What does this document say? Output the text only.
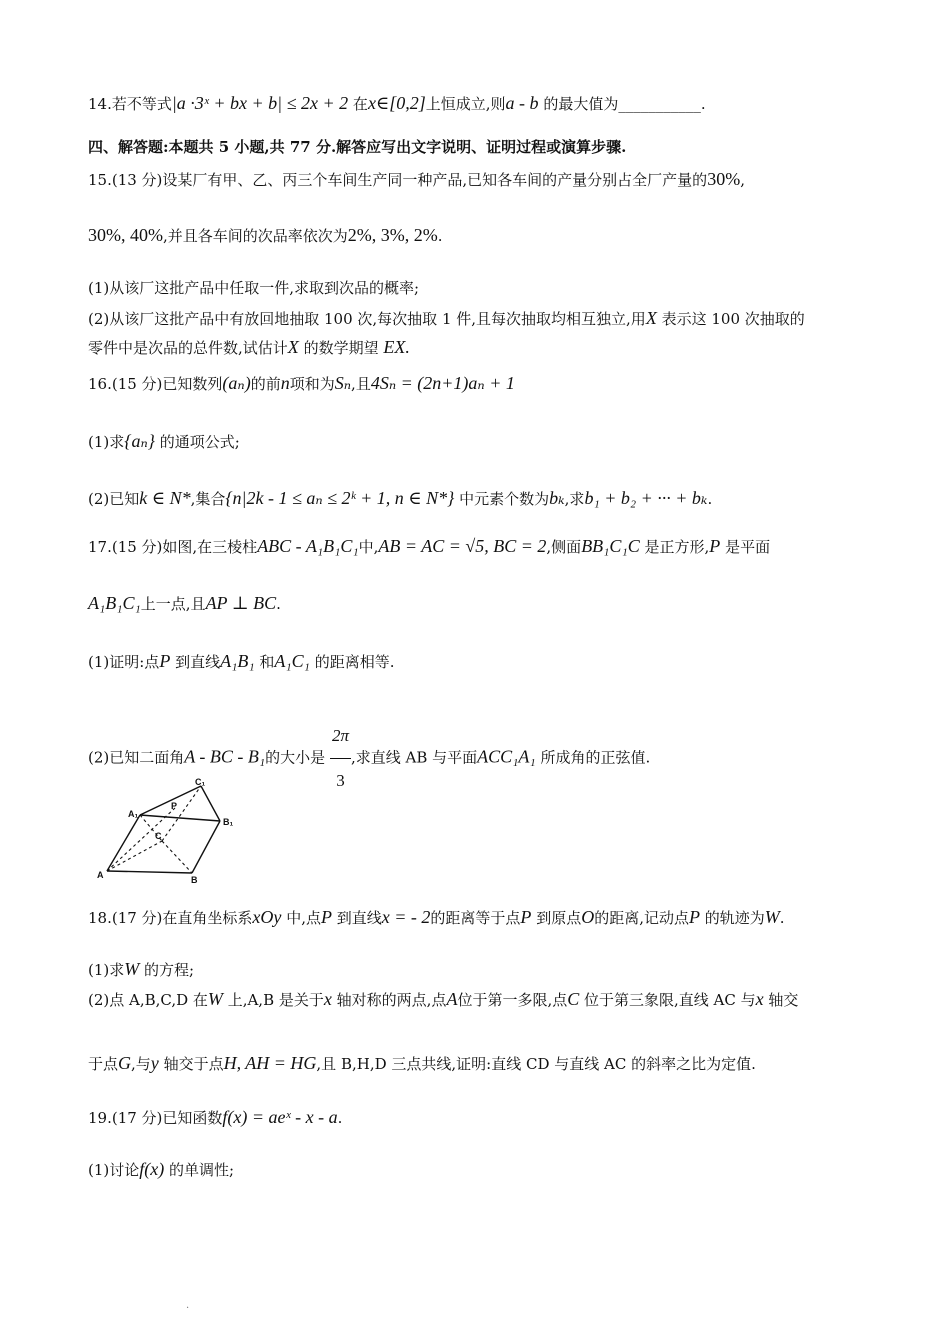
14.若不等式|a ·3ˣ + bx + b| ≤ 2x + 2 在x∈[0,2]上恒成立,则a - b 的最大值为___________.
四、解答题:本题共 5 小题,共 77 分.解答应写出文字说明、证明过程或演算步骤.
15.(13 分)设某厂有甲、乙、丙三个车间生产同一种产品,已知各车间的产量分别占全厂产量的30%,
30%, 40%,并且各车间的次品率依次为2%, 3%, 2%.
(1)从该厂这批产品中任取一件,求取到次品的概率;
(2)从该厂这批产品中有放回地抽取 100 次,每次抽取 1 件,且每次抽取均相互独立,用X 表示这 100 次抽取的
零件中是次品的总件数,试估计X 的数学期望 EX.
16.(15 分)已知数列(aₙ)的前n项和为Sₙ,且4Sₙ = (2n+1)aₙ + 1
(1)求{aₙ} 的通项公式;
(2)已知k ∈ N*,集合{n|2k - 1 ≤ aₙ ≤ 2ᵏ + 1, n ∈ N*} 中元素个数为bₖ,求b₁ + b₂ + ··· + bₖ.
17.(15 分)如图,在三棱柱ABC - A₁B₁C₁中,AB = AC = √5, BC = 2,侧面BB₁C₁C 是正方形,P 是平面
A₁B₁C₁上一点,且AP ⊥ BC.
(1)证明:点P 到直线A₁B₁ 和A₁C₁ 的距离相等.
(2)已知二面角A - BC - B₁的大小是 $\frac{2\pi}{3}$ ,求直线 AB 与平面ACC₁A₁ 所成角的正弦值.
A	B
C
A₁
B₁
C₁
P
18.(17 分)在直角坐标系xOy 中,点P 到直线x = - 2的距离等于点P 到原点O的距离,记动点P 的轨迹为W.
(1)求W 的方程;
(2)点 A,B,C,D 在W 上,A,B 是关于x 轴对称的两点,点A位于第一多限,点C 位于第三象限,直线 AC 与x 轴交
于点G,与y 轴交于点H, AH = HG,且 B,H,D 三点共线,证明:直线 CD 与直线 AC 的斜率之比为定值.
19.(17 分)已知函数f(x) = aeˣ - x - a.
(1)讨论f(x) 的单调性;
.
